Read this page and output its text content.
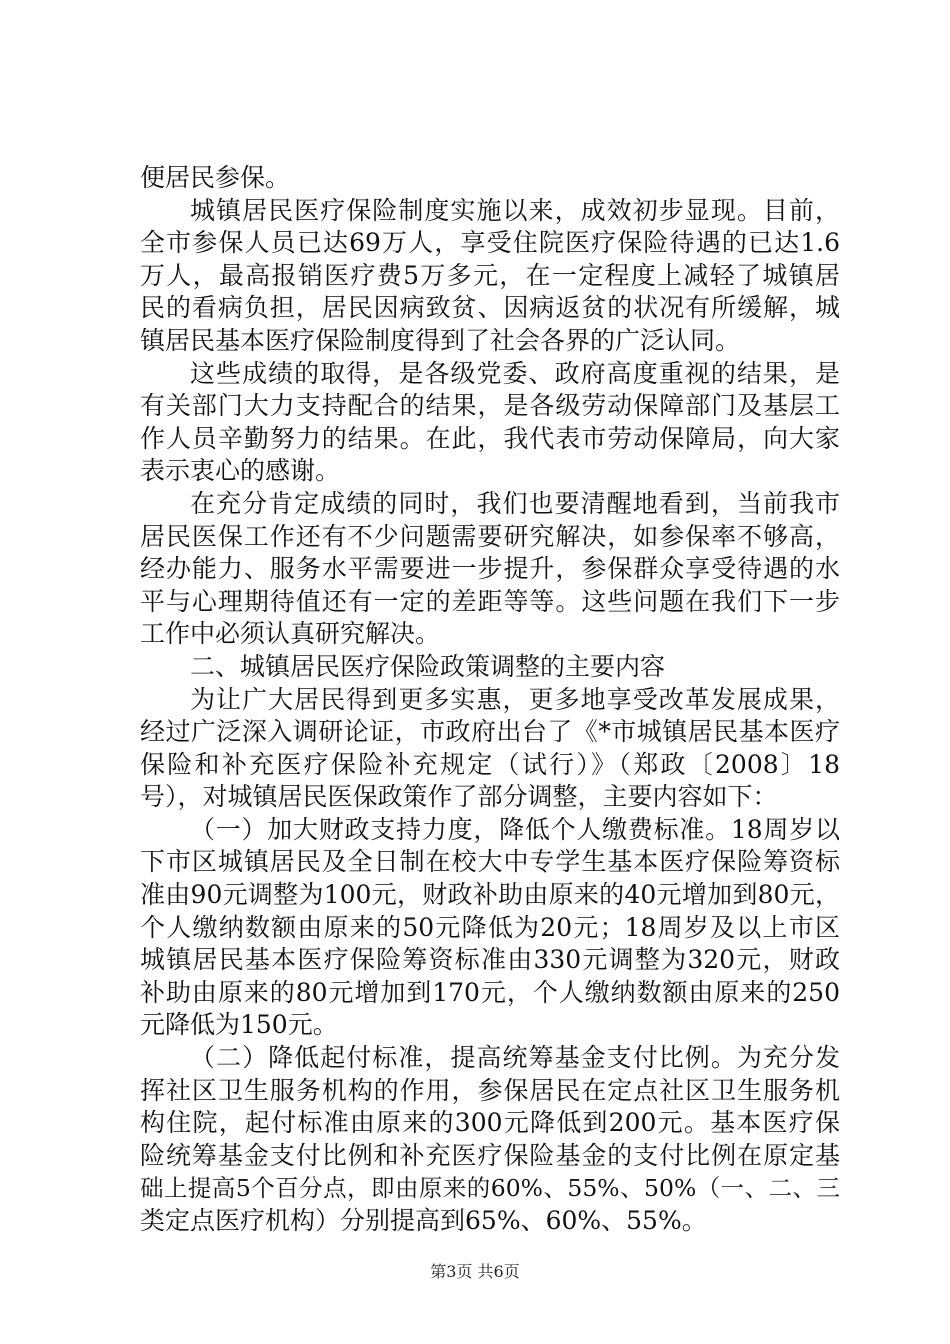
便居民参保。
城镇居民医疗保险制度实施以来，成效初步显现。目前，
全市参保人员已达69万人，享受住院医疗保险待遇的已达1.6
万人，最高报销医疗费5万多元，在一定程度上减轻了城镇居
民的看病负担，居民因病致贫、因病返贫的状况有所缓解，城
镇居民基本医疗保险制度得到了社会各界的广泛认同。
这些成绩的取得，是各级党委、政府高度重视的结果，是
有关部门大力支持配合的结果，是各级劳动保障部门及基层工
作人员辛勤努力的结果。在此，我代表市劳动保障局，向大家
表示衷心的感谢。
在充分肯定成绩的同时，我们也要清醒地看到，当前我市
居民医保工作还有不少问题需要研究解决，如参保率不够高，
经办能力、服务水平需要进一步提升，参保群众享受待遇的水
平与心理期待值还有一定的差距等等。这些问题在我们下一步
工作中必须认真研究解决。
二、城镇居民医疗保险政策调整的主要内容
为让广大居民得到更多实惠，更多地享受改革发展成果，
经过广泛深入调研论证，市政府出台了《*市城镇居民基本医疗
保险和补充医疗保险补充规定（试行）》（郑政〔2008〕18
号），对城镇居民医保政策作了部分调整，主要内容如下：
（一）加大财政支持力度，降低个人缴费标准。18周岁以
下市区城镇居民及全日制在校大中专学生基本医疗保险筹资标
准由90元调整为100元，财政补助由原来的40元增加到80元，
个人缴纳数额由原来的50元降低为20元；18周岁及以上市区
城镇居民基本医疗保险筹资标准由330元调整为320元，财政
补助由原来的80元增加到170元，个人缴纳数额由原来的250
元降低为150元。
（二）降低起付标准，提高统筹基金支付比例。为充分发
挥社区卫生服务机构的作用，参保居民在定点社区卫生服务机
构住院，起付标准由原来的300元降低到200元。基本医疗保
险统筹基金支付比例和补充医疗保险基金的支付比例在原定基
础上提高5个百分点，即由原来的60%、55%、50%（一、二、三
类定点医疗机构）分别提高到65%、60%、55%。
第3页 共6页
